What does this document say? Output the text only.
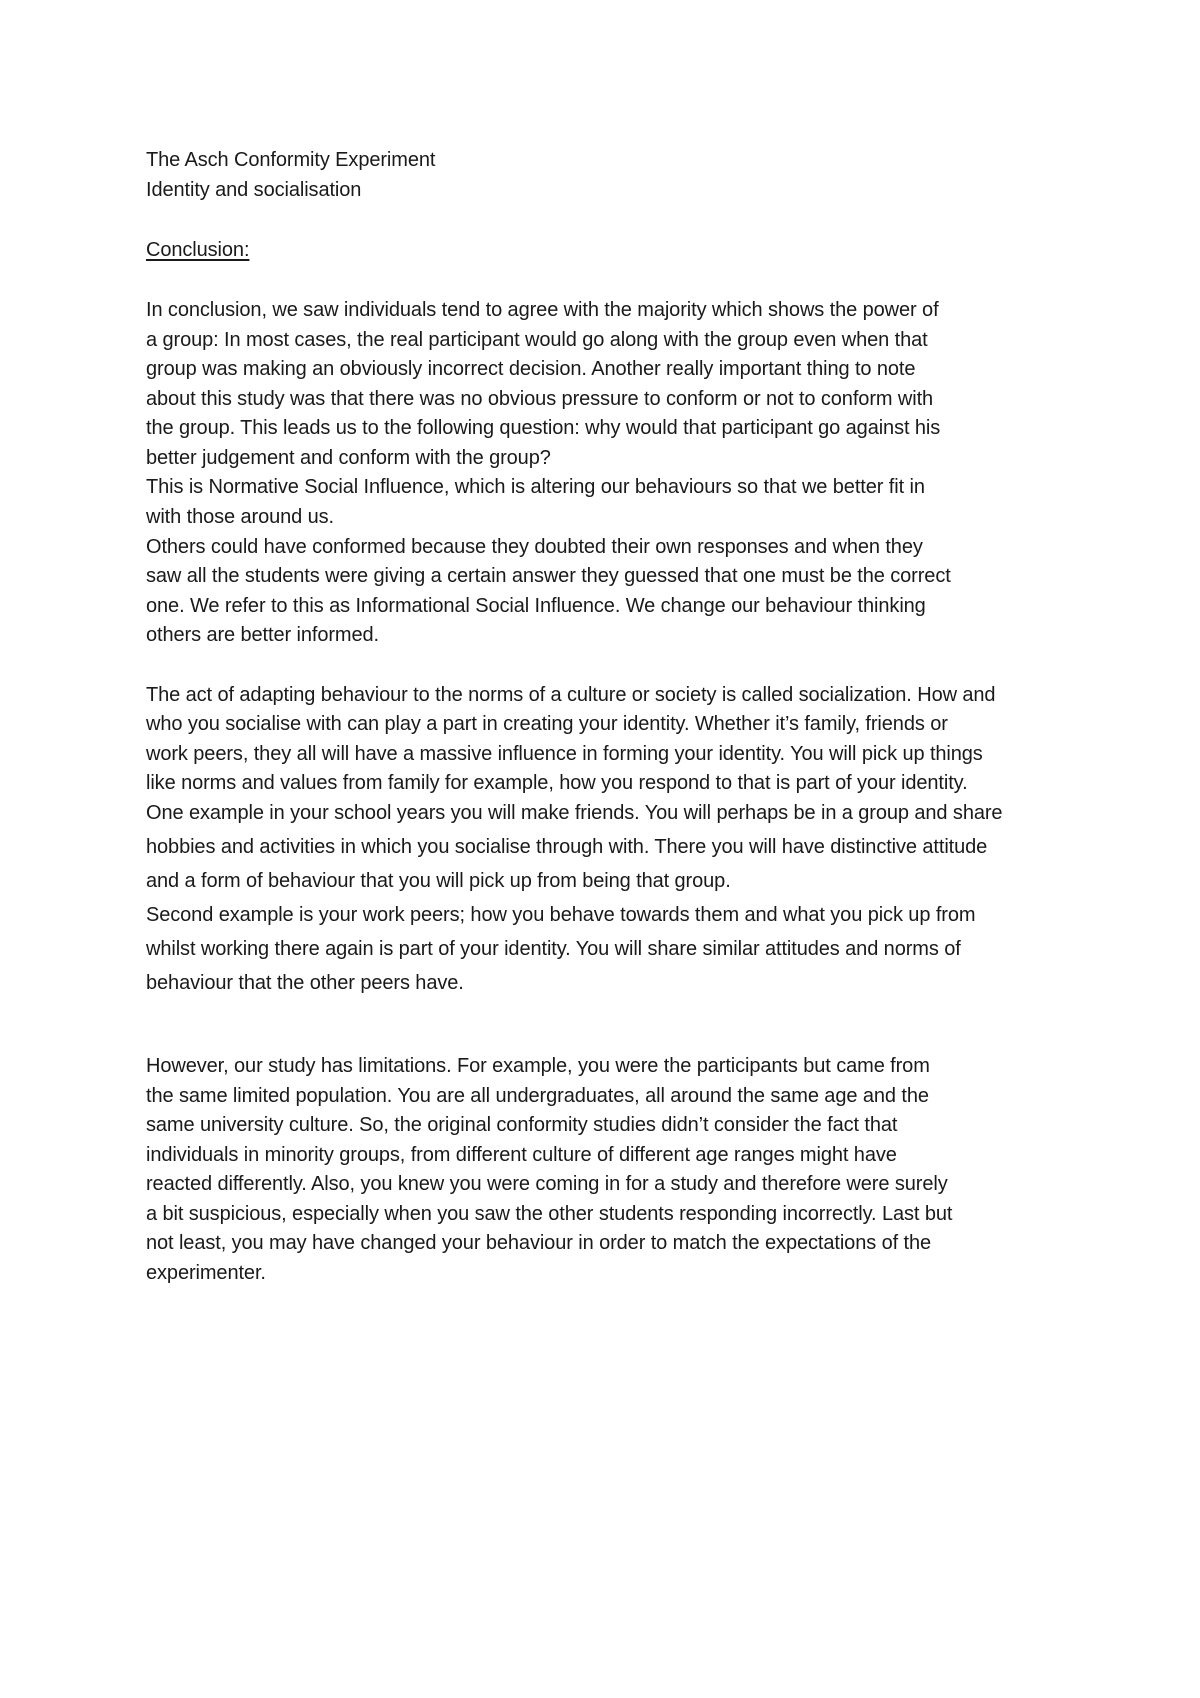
The Asch Conformity Experiment

Identity and socialisation

Conclusion:

In conclusion, we saw individuals tend to agree with the majority which shows the power of

a group: In most cases, the real participant would go along with the group even when that

group was making an obviously incorrect decision. Another really important thing to note

about this study was that there was no obvious pressure to conform or not to conform with

the group. This leads us to the following question: why would that participant go against his

better judgement and conform with the group?

This is Normative Social Influence, which is altering our behaviours so that we better fit in

with those around us.

Others could have conformed because they doubted their own responses and when they

saw all the students were giving a certain answer they guessed that one must be the correct

one. We refer to this as Informational Social Influence. We change our behaviour thinking

others are better informed.

The act of adapting behaviour to the norms of a culture or society is called socialization. How and

who you socialise with can play a part in creating your identity. Whether it’s family, friends or

work peers, they all will have a massive influence in forming your identity. You will pick up things

like norms and values from family for example, how you respond to that is part of your identity.

One example in your school years you will make friends. You will perhaps be in a group and share

hobbies and activities in which you socialise through with. There you will have distinctive attitude

and a form of behaviour that you will pick up from being that group.

Second example is your work peers; how you behave towards them and what you pick up from

whilst working there again is part of your identity. You will share similar attitudes and norms of

behaviour that the other peers have.

However, our study has limitations. For example, you were the participants but came from

the same limited population. You are all undergraduates, all around the same age and the

same university culture. So, the original conformity studies didn’t consider the fact that

individuals in minority groups, from different culture of different age ranges might have

reacted differently. Also, you knew you were coming in for a study and therefore were surely

a bit suspicious, especially when you saw the other students responding incorrectly. Last but

not least, you may have changed your behaviour in order to match the expectations of the

experimenter.
